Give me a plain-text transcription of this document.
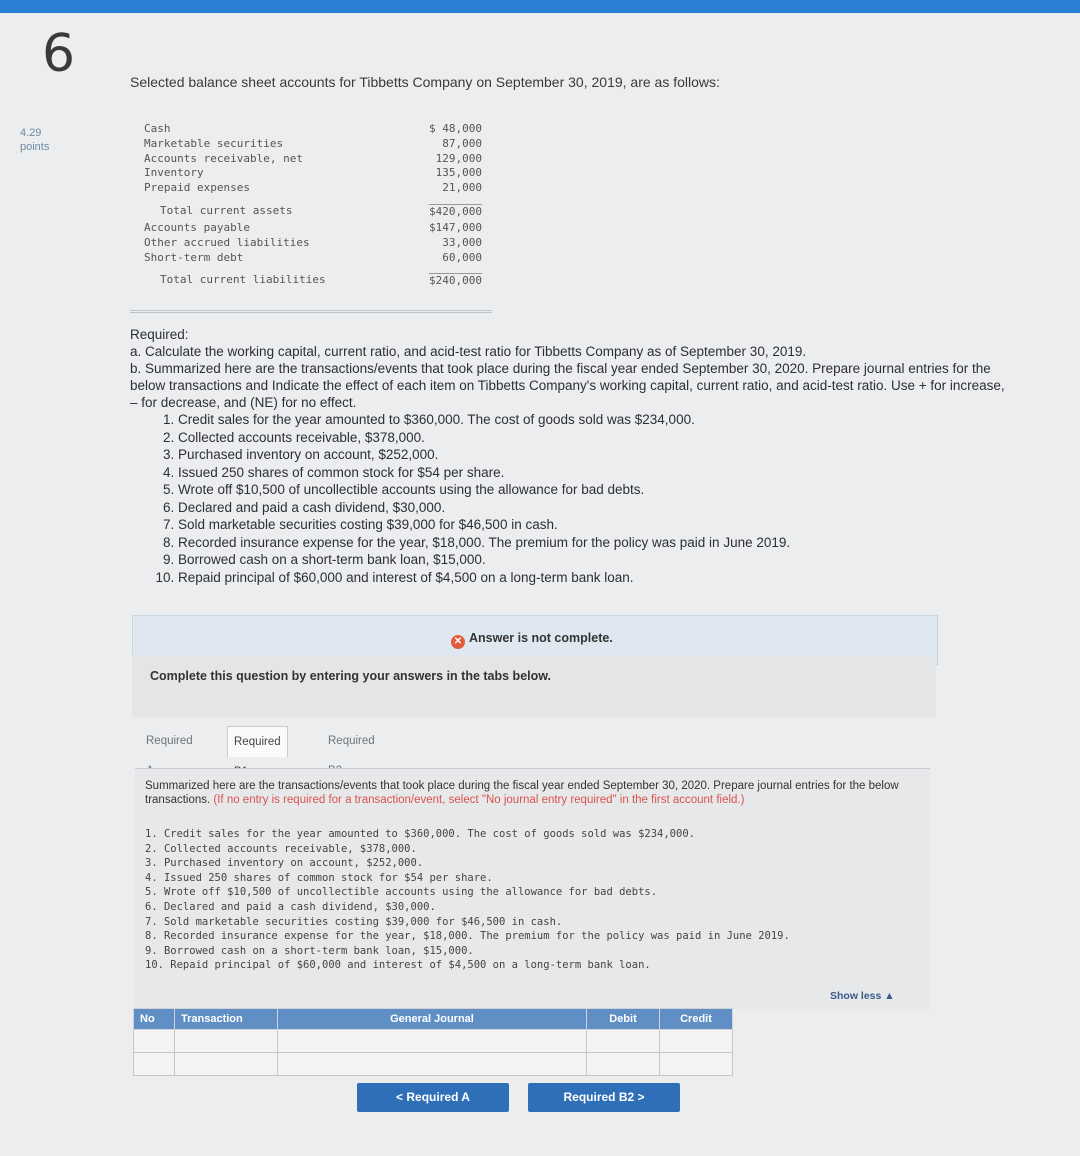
6
4.29
points
Selected balance sheet accounts for Tibbetts Company on September 30, 2019, are as follows:
Cash	$ 48,000
Marketable securities	87,000
Accounts receivable, net	129,000
Inventory	135,000
Prepaid expenses	21,000
Total current assets	$420,000
Accounts payable	$147,000
Other accrued liabilities	33,000
Short-term debt	60,000
Total current liabilities	$240,000
Required:
a. Calculate the working capital, current ratio, and acid-test ratio for Tibbetts Company as of September 30, 2019.
b. Summarized here are the transactions/events that took place during the fiscal year ended September 30, 2020. Prepare journal entries for the below transactions and Indicate the effect of each item on Tibbetts Company's working capital, current ratio, and acid-test ratio. Use + for increase, – for decrease, and (NE) for no effect.
1. Credit sales for the year amounted to $360,000. The cost of goods sold was $234,000.
2. Collected accounts receivable, $378,000.
3. Purchased inventory on account, $252,000.
4. Issued 250 shares of common stock for $54 per share.
5. Wrote off $10,500 of uncollectible accounts using the allowance for bad debts.
6. Declared and paid a cash dividend, $30,000.
7. Sold marketable securities costing $39,000 for $46,500 in cash.
8. Recorded insurance expense for the year, $18,000. The premium for the policy was paid in June 2019.
9. Borrowed cash on a short-term bank loan, $15,000.
10. Repaid principal of $60,000 and interest of $4,500 on a long-term bank loan.
✕ Answer is not complete.
Complete this question by entering your answers in the tabs below.
Required	Required	Required
Summarized here are the transactions/events that took place during the fiscal year ended September 30, 2020. Prepare journal entries for the below transactions. (If no entry is required for a transaction/event, select "No journal entry required" in the first account field.)
1. Credit sales for the year amounted to $360,000. The cost of goods sold was $234,000.
2. Collected accounts receivable, $378,000.
3. Purchased inventory on account, $252,000.
4. Issued 250 shares of common stock for $54 per share.
5. Wrote off $10,500 of uncollectible accounts using the allowance for bad debts.
6. Declared and paid a cash dividend, $30,000.
7. Sold marketable securities costing $39,000 for $46,500 in cash.
8. Recorded insurance expense for the year, $18,000. The premium for the policy was paid in June 2019.
9. Borrowed cash on a short-term bank loan, $15,000.
10. Repaid principal of $60,000 and interest of $4,500 on a long-term bank loan.
Show less ▲
No	Transaction	General Journal	Debit	Credit

< Required A	Required B2 >
